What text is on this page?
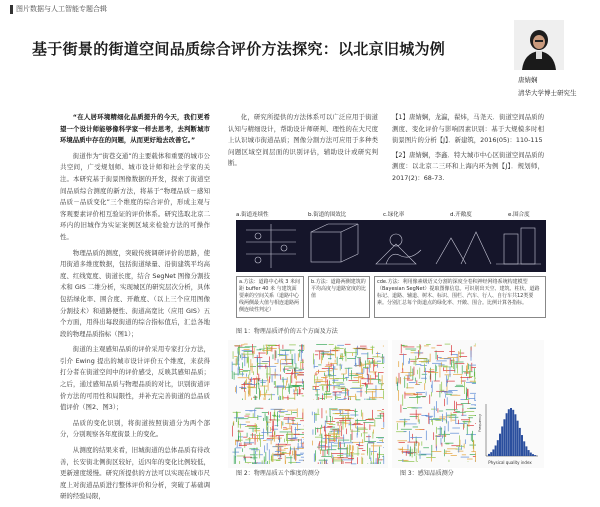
图片数据与人工智能专题合辑
基于街景的街道空间品质综合评价方法探究：以北京旧城为例
唐婧娴
清华大学博士研究生

“在人居环境精细化品质提升的今天，我们更希望一个设计师能够像科学家一样去思考，去判断城市环境品质中存在的问题，从而更好地去改善它。”

街道作为“街巷交通”的主要载体和重要的城市公共空间，广受规划师、城市设计师和社会学家的关注。本研究基于街景图像数据的开发，探索了街道空间品质综合测度的新方法，将基于“物理品质－感知品质－品质变化”三个维度的综合评价，形成主观与客观要素评价相互验证的评价体系。研究选取北京二环内的旧城作为实证案例区域来检验方法的可操作性。

物理品质的测度，突破传统调研评价的思路，使用街道多维度数据，包括街道绿量、沿街建筑平均高度、红线宽度、街道长度，结合 SegNet 图像分割技术和 GIS 二维分析，实现城区的研究层次分析，具体包括绿化率、围合度、开敞度、（以上三个应用图像分割技术）和道路便性、街道高宽比（应用 GIS）五个方面，用得出每段街道的综合指标值后，汇总各地段的物理品质指标（图1）；

街道的主观感知品质的评价采用专家打分方法，引介 Ewing 提出的城市设计评价五个维度，来获得打分者在街道空间中的评价感受，反映其感知品质；之后，通过感知品质与物理品质的对比，识别街道评价方法的可用性和局限性，并补充完善街道的总品质值评价（图2、图3）；

品质的变化识别，将街道按照街道分为两个部分，分别观察各年度街景上的变化。

从测度的结果来看，旧城街道的总体品质有待改善，长安街北侧街区较好，近四年的变化比例较低，更新速度缓慢。研究所提供的方法可以实现在城市尺度上对街道品质进行整体评价和分析，突破了基础调研的经验局限，

化，研究所提供的方法体系可以广泛应用于街道认知与精细设计，帮助设计师研判、理性的在大尺度上认识城市街道品质；图像分割方法可应用于多种类问题区域空间层面的识别评估，辅助设计或研究判断。

【1】唐婧娴，龙瀛，翟炜，马尧天．街道空间品质的测度、变化评价与影响因素识别：基于大规模多时相街景图片的分析【J】．新建筑，2016(05)：110-115

【2】唐婧娴，李鑫．特大城市中心区街道空间品质的测度：以北京二三环和上海内环为例【J】．规划师，2017(2)：68-73.

a.街道连续性	b.街道的围效比	c.绿化率	d.开敞度	e.围合度
a.方法：道路中心线 3 米间距 buffer 40 米 与建筑面要素的空间关系（道路中心线两侧最大值与相连道路两侧连续性判定）
b.方法：道路两侧建筑的平均高度与道路宽度的比值
cde.方法：利用像素级语义分割的深度全卷积神经网络系统构建模型（Bayesian SegNet）提取图像信息。可识别出天空、建筑、柱状、道路标记、道路、辅道、树木、标识、围栏、汽车、行人、自行车共12类要素。分别汇总每个街道点的绿化率、开敞、围合。比例计算各指标。
图 1：物理品质评价的五个方面及方法
图 2：物理品质五个维度的测分
Physical quality index
Frequency
图 3：感知品质测分
